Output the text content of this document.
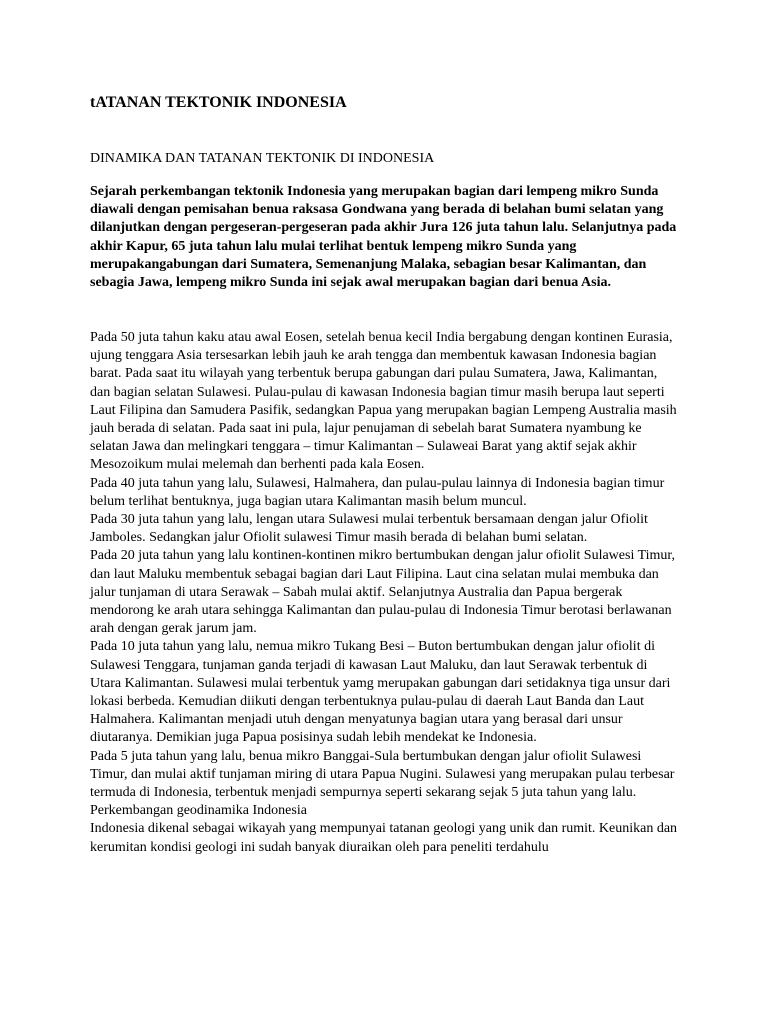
tATANAN TEKTONIK INDONESIA
DINAMIKA DAN TATANAN TEKTONIK DI INDONESIA

Sejarah perkembangan tektonik Indonesia yang merupakan bagian dari lempeng mikro Sunda diawali dengan pemisahan benua raksasa Gondwana yang berada di belahan bumi selatan yang dilanjutkan dengan pergeseran-pergeseran pada akhir Jura 126 juta tahun lalu. Selanjutnya pada akhir Kapur, 65 juta tahun lalu mulai terlihat bentuk lempeng mikro Sunda yang merupakangabungan dari Sumatera, Semenanjung Malaka, sebagian besar Kalimantan, dan sebagia Jawa, lempeng mikro Sunda ini sejak awal merupakan bagian dari benua Asia.

Pada 50 juta tahun kaku atau awal Eosen, setelah benua kecil India bergabung dengan kontinen Eurasia, ujung tenggara Asia tersesarkan lebih jauh ke arah tengga dan membentuk kawasan Indonesia bagian barat. Pada saat itu wilayah yang terbentuk berupa gabungan dari pulau Sumatera, Jawa, Kalimantan, dan bagian selatan Sulawesi. Pulau-pulau di kawasan Indonesia bagian timur masih berupa laut seperti Laut Filipina dan Samudera Pasifik, sedangkan Papua yang merupakan bagian Lempeng Australia masih jauh berada di selatan. Pada saat ini pula, lajur penujaman di sebelah barat Sumatera nyambung ke selatan Jawa dan melingkari tenggara – timur Kalimantan – Sulaweai Barat yang aktif sejak akhir Mesozoikum mulai melemah dan berhenti pada kala Eosen.

Pada 40 juta tahun yang lalu, Sulawesi, Halmahera, dan pulau-pulau lainnya di Indonesia bagian timur belum terlihat bentuknya, juga bagian utara Kalimantan masih belum muncul.

Pada 30 juta tahun yang lalu, lengan utara Sulawesi mulai terbentuk bersamaan dengan jalur Ofiolit Jamboles. Sedangkan jalur Ofiolit sulawesi Timur masih berada di belahan bumi selatan.

Pada 20 juta tahun yang lalu kontinen-kontinen mikro bertumbukan dengan jalur ofiolit Sulawesi Timur, dan laut Maluku membentuk sebagai bagian dari Laut Filipina. Laut cina selatan mulai membuka dan jalur tunjaman di utara Serawak – Sabah mulai aktif. Selanjutnya Australia dan Papua bergerak mendorong ke arah utara sehingga Kalimantan dan pulau-pulau di Indonesia Timur berotasi berlawanan arah dengan gerak jarum jam.

Pada 10 juta tahun yang lalu, nemua mikro Tukang Besi – Buton bertumbukan dengan jalur ofiolit di Sulawesi Tenggara, tunjaman ganda terjadi di kawasan Laut Maluku, dan laut Serawak terbentuk di Utara Kalimantan. Sulawesi mulai terbentuk yamg merupakan gabungan dari setidaknya tiga unsur dari lokasi berbeda. Kemudian diikuti dengan terbentuknya pulau-pulau di daerah Laut Banda dan Laut Halmahera. Kalimantan menjadi utuh dengan menyatunya bagian utara yang berasal dari unsur diutaranya. Demikian juga Papua posisinya sudah lebih mendekat ke Indonesia.

Pada 5 juta tahun yang lalu, benua mikro Banggai-Sula bertumbukan dengan jalur ofiolit Sulawesi Timur, dan mulai aktif tunjaman miring di utara Papua Nugini. Sulawesi yang merupakan pulau terbesar termuda di Indonesia, terbentuk menjadi sempurnya seperti sekarang sejak 5 juta tahun yang lalu.

Perkembangan geodinamika Indonesia

Indonesia dikenal sebagai wikayah yang mempunyai tatanan geologi yang unik dan rumit. Keunikan dan kerumitan kondisi geologi ini sudah banyak diuraikan oleh para peneliti terdahulu
